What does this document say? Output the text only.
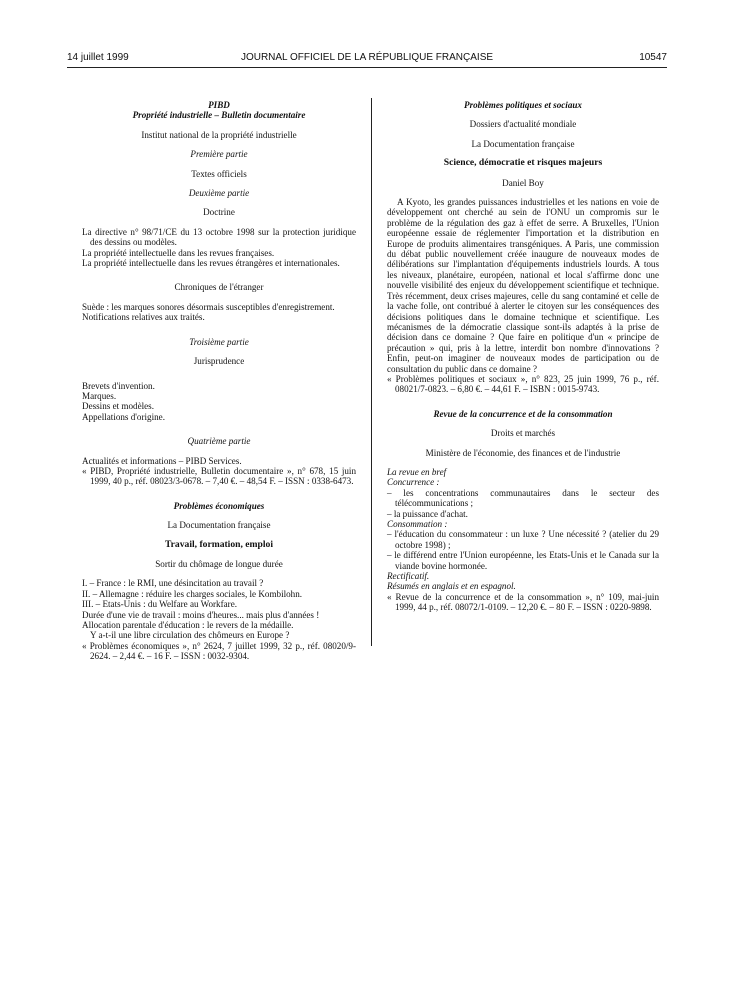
14 juillet 1999	JOURNAL OFFICIEL DE LA RÉPUBLIQUE FRANÇAISE	10547
PIBD
Propriété industrielle – Bulletin documentaire
Institut national de la propriété industrielle
Première partie
Textes officiels
Deuxième partie
Doctrine
La directive n° 98/71/CE du 13 octobre 1998 sur la protection juridique des dessins ou modèles.
La propriété intellectuelle dans les revues françaises.
La propriété intellectuelle dans les revues étrangères et internationales.
Chroniques de l'étranger
Suède : les marques sonores désormais susceptibles d'enregistrement.
Notifications relatives aux traités.
Troisième partie
Jurisprudence
Brevets d'invention.
Marques.
Dessins et modèles.
Appellations d'origine.
Quatrième partie
Actualités et informations – PIBD Services.
« PIBD, Propriété industrielle, Bulletin documentaire », n° 678, 15 juin 1999, 40 p., réf. 08023/3-0678. – 7,40 €. – 48,54 F. – ISSN : 0338-6473.
Problèmes économiques
La Documentation française
Travail, formation, emploi
Sortir du chômage de longue durée
I. – France : le RMI, une désincitation au travail ?
II. – Allemagne : réduire les charges sociales, le Kombilohn.
III. – Etats-Unis : du Welfare au Workfare.
Durée d'une vie de travail : moins d'heures... mais plus d'années !
Allocation parentale d'éducation : le revers de la médaille.
Y a-t-il une libre circulation des chômeurs en Europe ?
« Problèmes économiques », n° 2624, 7 juillet 1999, 32 p., réf. 08020/9-2624. – 2,44 €. – 16 F. – ISSN : 0032-9304.
Problèmes politiques et sociaux
Dossiers d'actualité mondiale
La Documentation française
Science, démocratie et risques majeurs
Daniel Boy
A Kyoto, les grandes puissances industrielles et les nations en voie de développement ont cherché au sein de l'ONU un compromis sur le problème de la régulation des gaz à effet de serre. A Bruxelles, l'Union européenne essaie de réglementer l'importation et la distribution en Europe de produits alimentaires transgéniques. A Paris, une commission du débat public nouvellement créée inaugure de nouveaux modes de délibérations sur l'implantation d'équipements industriels lourds. A tous les niveaux, planétaire, européen, national et local s'affirme donc une nouvelle visibilité des enjeux du développement scientifique et technique. Très récemment, deux crises majeures, celle du sang contaminé et celle de la vache folle, ont contribué à alerter le citoyen sur les conséquences des décisions politiques dans le domaine technique et scientifique. Les mécanismes de la démocratie classique sont-ils adaptés à la prise de décision dans ce domaine ? Que faire en politique d'un « principe de précaution » qui, pris à la lettre, interdit bon nombre d'innovations ? Enfin, peut-on imaginer de nouveaux modes de participation ou de consultation du public dans ce domaine ?
« Problèmes politiques et sociaux », n° 823, 25 juin 1999, 76 p., réf. 08021/7-0823. – 6,80 €. – 44,61 F. – ISBN : 0015-9743.
Revue de la concurrence et de la consommation
Droits et marchés
Ministère de l'économie, des finances et de l'industrie
La revue en bref
Concurrence :
– les concentrations communautaires dans le secteur des télécommunications ;
– la puissance d'achat.
Consommation :
– l'éducation du consommateur : un luxe ? Une nécessité ? (atelier du 29 octobre 1998) ;
– le différend entre l'Union européenne, les Etats-Unis et le Canada sur la viande bovine hormonée.
Rectificatif.
Résumés en anglais et en espagnol.
« Revue de la concurrence et de la consommation », n° 109, mai-juin 1999, 44 p., réf. 08072/1-0109. – 12,20 €. – 80 F. – ISSN : 0220-9898.
